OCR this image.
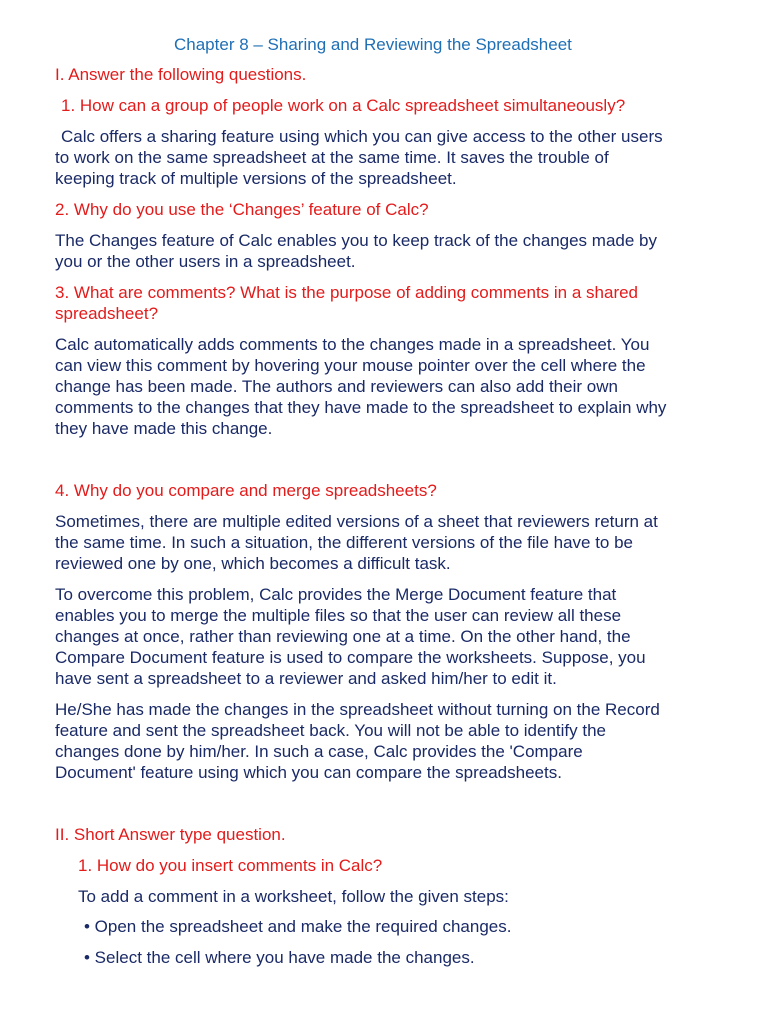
Chapter 8 – Sharing and Reviewing the Spreadsheet

I. Answer the following questions.

1. How can a group of people work on a Calc spreadsheet simultaneously?

Calc offers a sharing feature using which you can give access to the other users
to work on the same spreadsheet at the same time. It saves the trouble of
keeping track of multiple versions of the spreadsheet.

2. Why do you use the ‘Changes’ feature of Calc?

The Changes feature of Calc enables you to keep track of the changes made by
you or the other users in a spreadsheet.

3. What are comments? What is the purpose of adding comments in a shared
spreadsheet?

Calc automatically adds comments to the changes made in a spreadsheet. You
can view this comment by hovering your mouse pointer over the cell where the
change has been made. The authors and reviewers can also add their own
comments to the changes that they have made to the spreadsheet to explain why
they have made this change.

4. Why do you compare and merge spreadsheets?

Sometimes, there are multiple edited versions of a sheet that reviewers return at
the same time. In such a situation, the different versions of the file have to be
reviewed one by one, which becomes a difficult task.

To overcome this problem, Calc provides the Merge Document feature that
enables you to merge the multiple files so that the user can review all these
changes at once, rather than reviewing one at a time. On the other hand, the
Compare Document feature is used to compare the worksheets. Suppose, you
have sent a spreadsheet to a reviewer and asked him/her to edit it.

He/She has made the changes in the spreadsheet without turning on the Record
feature and sent the spreadsheet back. You will not be able to identify the
changes done by him/her. In such a case, Calc provides the 'Compare
Document' feature using which you can compare the spreadsheets.

II. Short Answer type question.

1. How do you insert comments in Calc?

To add a comment in a worksheet, follow the given steps:

• Open the spreadsheet and make the required changes.

• Select the cell where you have made the changes.
